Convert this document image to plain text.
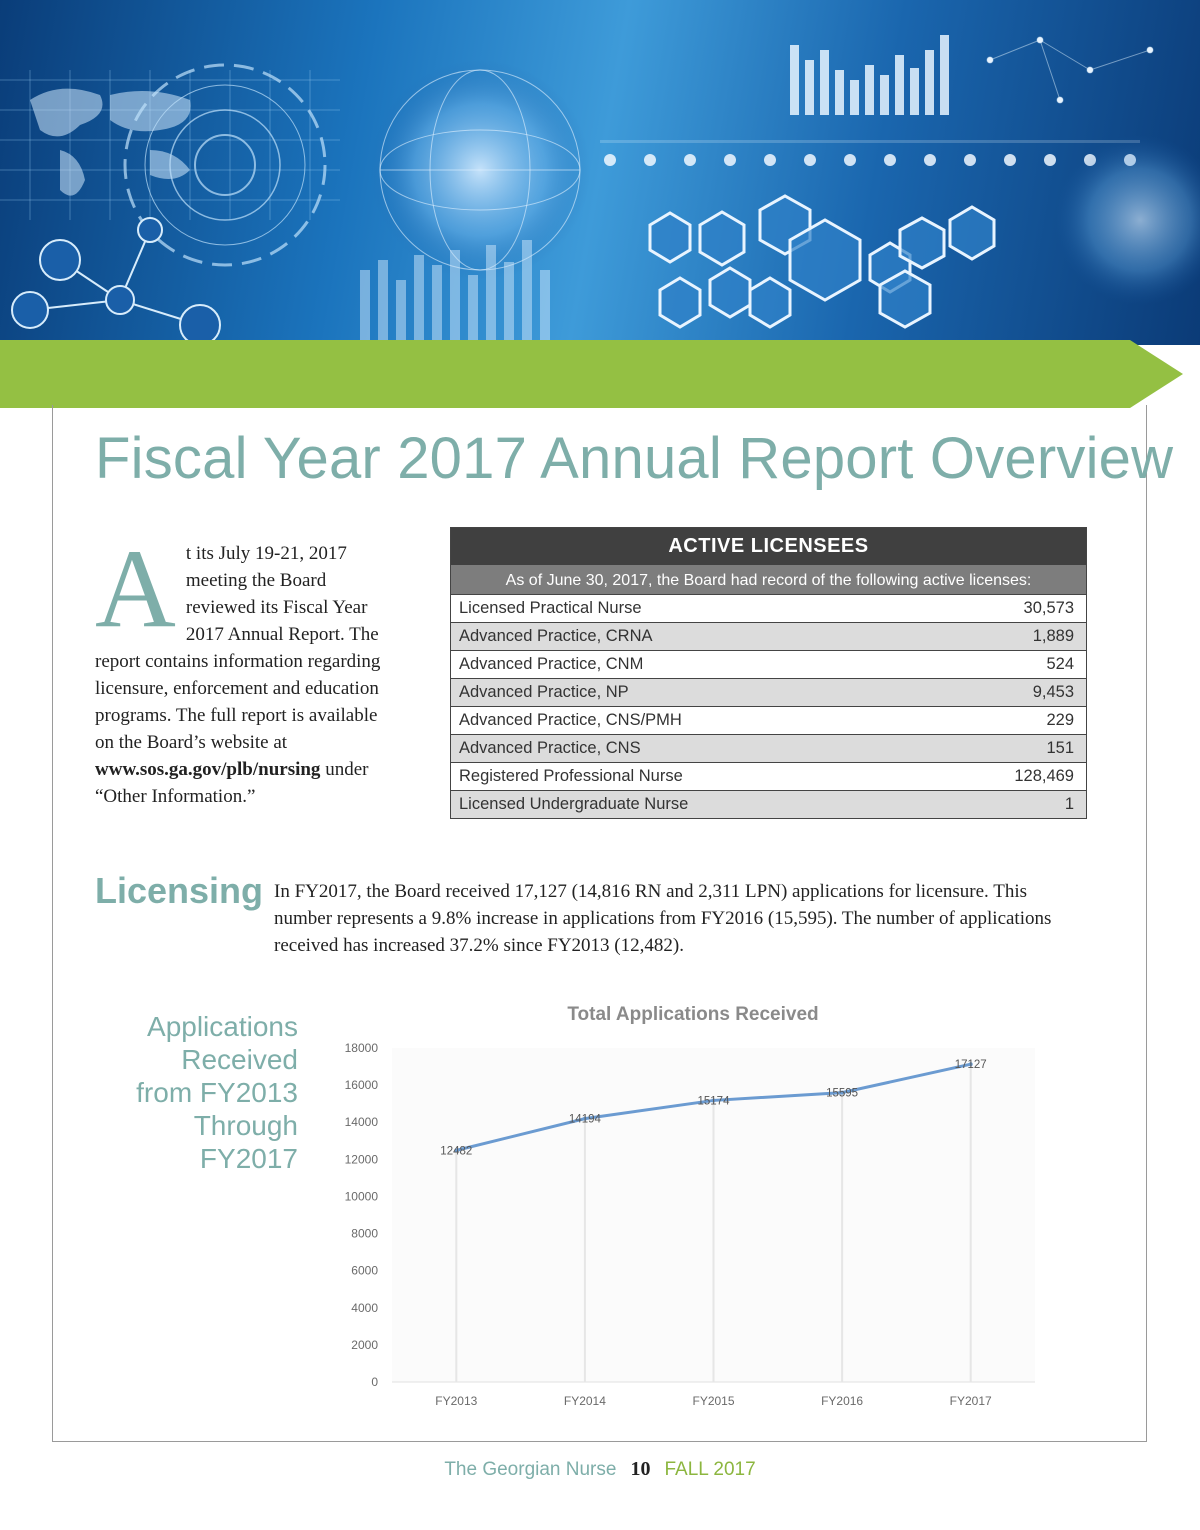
Fiscal Year 2017 Annual Report Overview
At its July 19-21, 2017 meeting the Board reviewed its Fiscal Year 2017 Annual Report. The report contains information regarding licensure, enforcement and education programs. The full report is available on the Board’s website at www.sos.ga.gov/plb/nursing under “Other Information.”
ACTIVE LICENSEES
As of June 30, 2017, the Board had record of the following active licenses:
Licensed Practical Nurse	30,573
Advanced Practice, CRNA	1,889
Advanced Practice, CNM	524
Advanced Practice, NP	9,453
Advanced Practice, CNS/PMH	229
Advanced Practice, CNS	151
Registered Professional Nurse	128,469
Licensed Undergraduate Nurse	1
Licensing In FY2017, the Board received 17,127 (14,816 RN and 2,311 LPN) applications for licensure. This number represents a 9.8% increase in applications from FY2016 (15,595). The number of applications received has increased 37.2% since FY2013 (12,482).
Applications
Received
from FY2013
Through
FY2017
Total Applications Received
0
2000
4000
6000
8000
10000
12000
14000
16000
18000
FY2013	FY2014	FY2015	FY2016	FY2017
12482
14194
15174
15595
17127
The Georgian Nurse 10 FALL 2017
